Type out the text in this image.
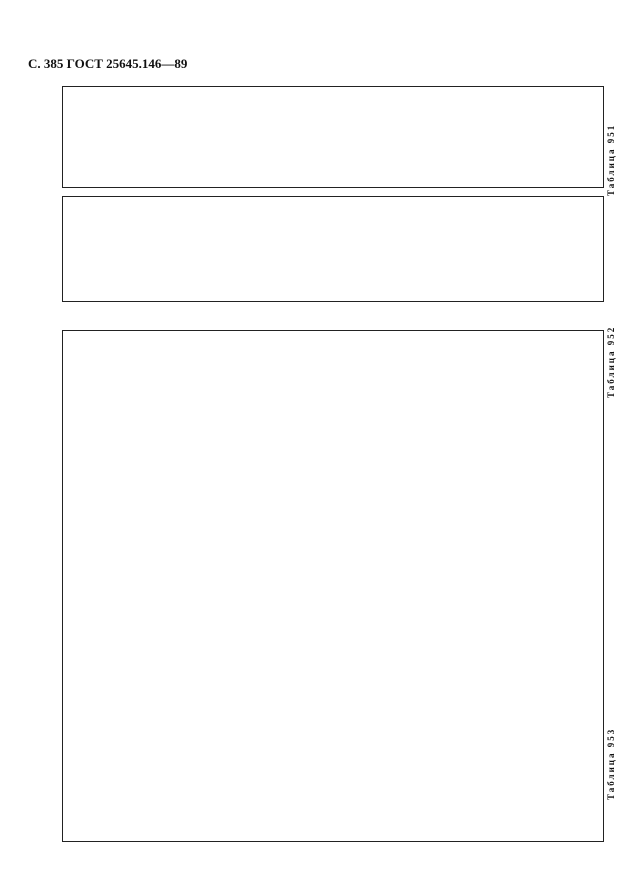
С. 385 ГОСТ 25645.146—89
Таблица 951
Таблица 952
Таблица 953
